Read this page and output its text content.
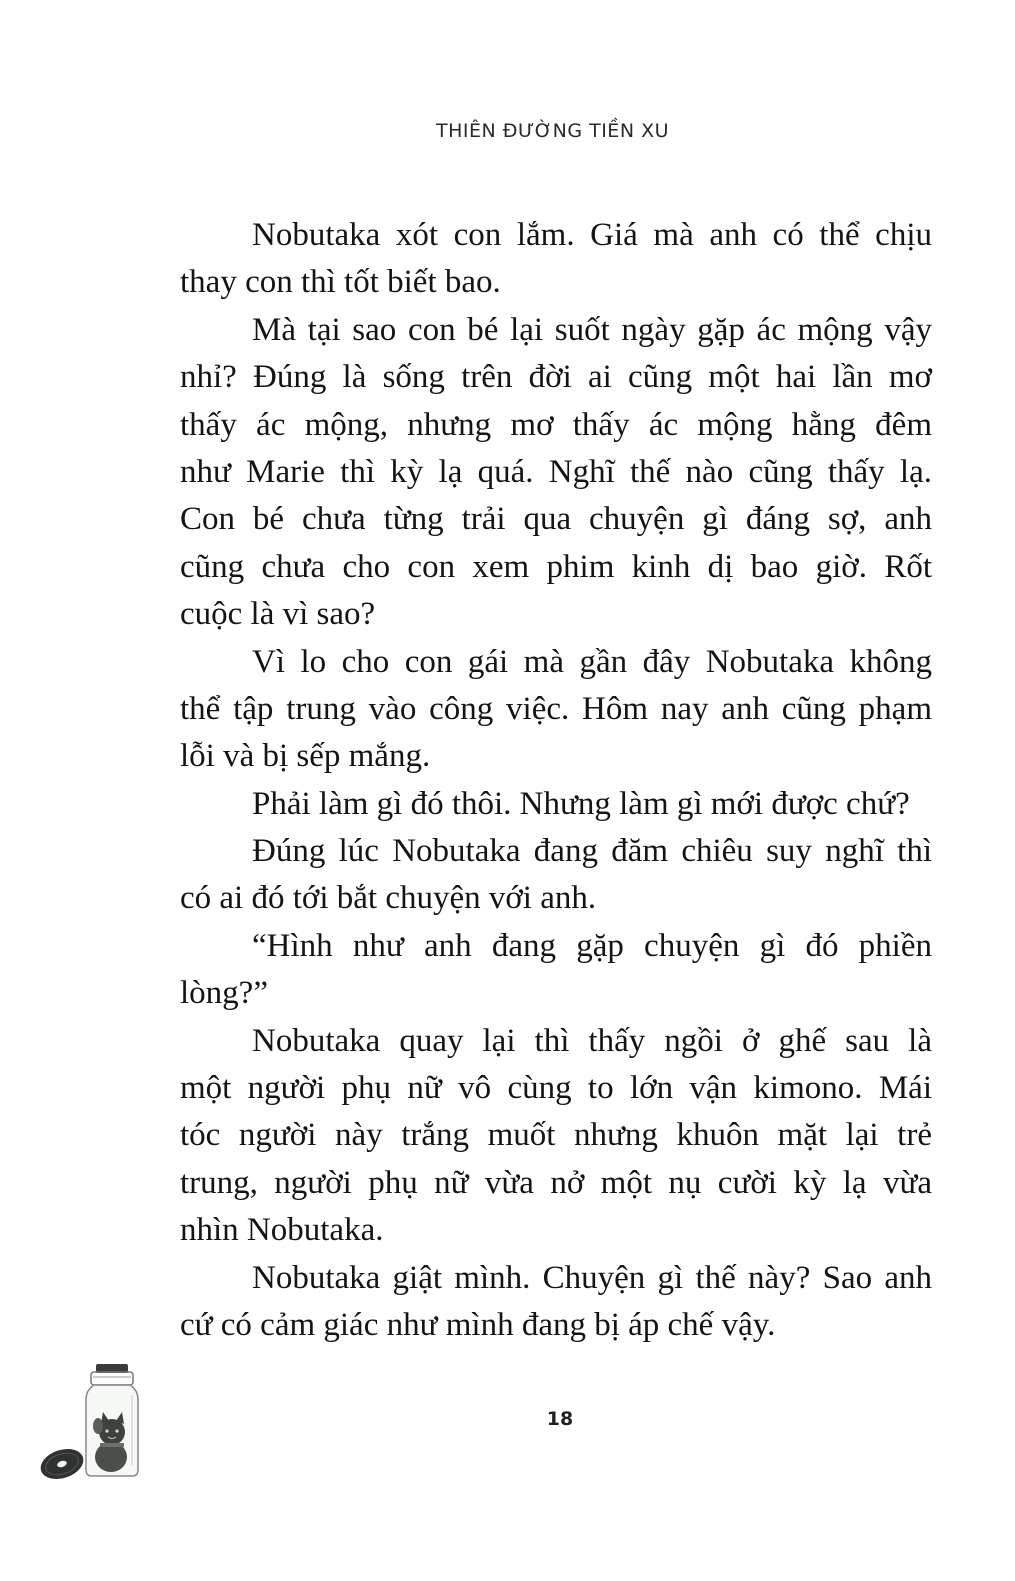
THIÊN ĐƯỜNG TIỀN XU
Nobutaka xót con lắm. Giá mà anh có thể chịu
thay con thì tốt biết bao.
Mà tại sao con bé lại suốt ngày gặp ác mộng vậy
nhỉ? Đúng là sống trên đời ai cũng một hai lần mơ
thấy ác mộng, nhưng mơ thấy ác mộng hằng đêm
như Marie thì kỳ lạ quá. Nghĩ thế nào cũng thấy lạ.
Con bé chưa từng trải qua chuyện gì đáng sợ, anh
cũng chưa cho con xem phim kinh dị bao giờ. Rốt
cuộc là vì sao?
Vì lo cho con gái mà gần đây Nobutaka không
thể tập trung vào công việc. Hôm nay anh cũng phạm
lỗi và bị sếp mắng.
Phải làm gì đó thôi. Nhưng làm gì mới được chứ?
Đúng lúc Nobutaka đang đăm chiêu suy nghĩ thì
có ai đó tới bắt chuyện với anh.
“Hình như anh đang gặp chuyện gì đó phiền
lòng?”
Nobutaka quay lại thì thấy ngồi ở ghế sau là
một người phụ nữ vô cùng to lớn vận kimono. Mái
tóc người này trắng muốt nhưng khuôn mặt lại trẻ
trung, người phụ nữ vừa nở một nụ cười kỳ lạ vừa
nhìn Nobutaka.
Nobutaka giật mình. Chuyện gì thế này? Sao anh
cứ có cảm giác như mình đang bị áp chế vậy.
18
